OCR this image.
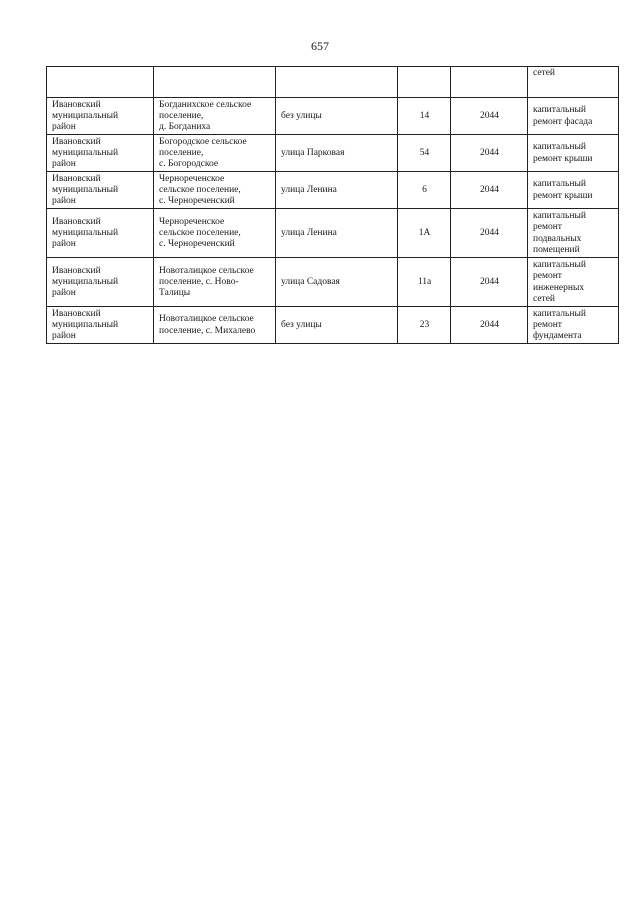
657

					сетей

Ивановский
муниципальный
район	Богданихское сельское
поселение,
д. Богданиха	без улицы	14	2044	капитальный
ремонт фасада

Ивановский
муниципальный
район	Богородское сельское
поселение,
с. Богородское	улица Парковая	54	2044	капитальный
ремонт крыши

Ивановский
муниципальный
район	Чернореченское
сельское поселение,
с. Чернореченский	улица Ленина	6	2044	капитальный
ремонт крыши

Ивановский
муниципальный
район	Чернореченское
сельское поселение,
с. Чернореченский	улица Ленина	1А	2044	капитальный
ремонт
подвальных
помещений

Ивановский
муниципальный
район	Новоталицкое сельское
поселение, с. Ново-
Талицы	улица Садовая	11а	2044	капитальный
ремонт
инженерных
сетей

Ивановский
муниципальный
район	Новоталицкое сельское
поселение, с. Михалево	без улицы	23	2044	капитальный
ремонт
фундамента
